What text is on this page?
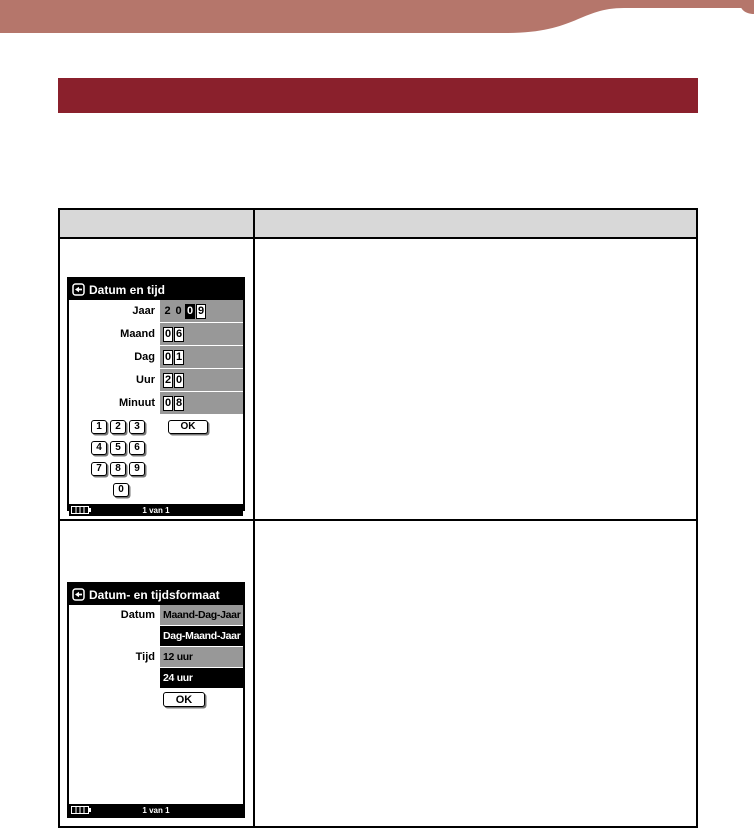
Datum en tijd
Jaar 2 0 0 9
Maand 0 6
Dag 0 1
Uur 2 0
Minuut 0 8
1	2	3	OK
4	5	6
7	8	9
0
1 van 1
Datum- en tijdsformaat
Datum Maand-Dag-Jaar
Dag-Maand-Jaar
Tijd 12 uur
24 uur
OK
1 van 1
